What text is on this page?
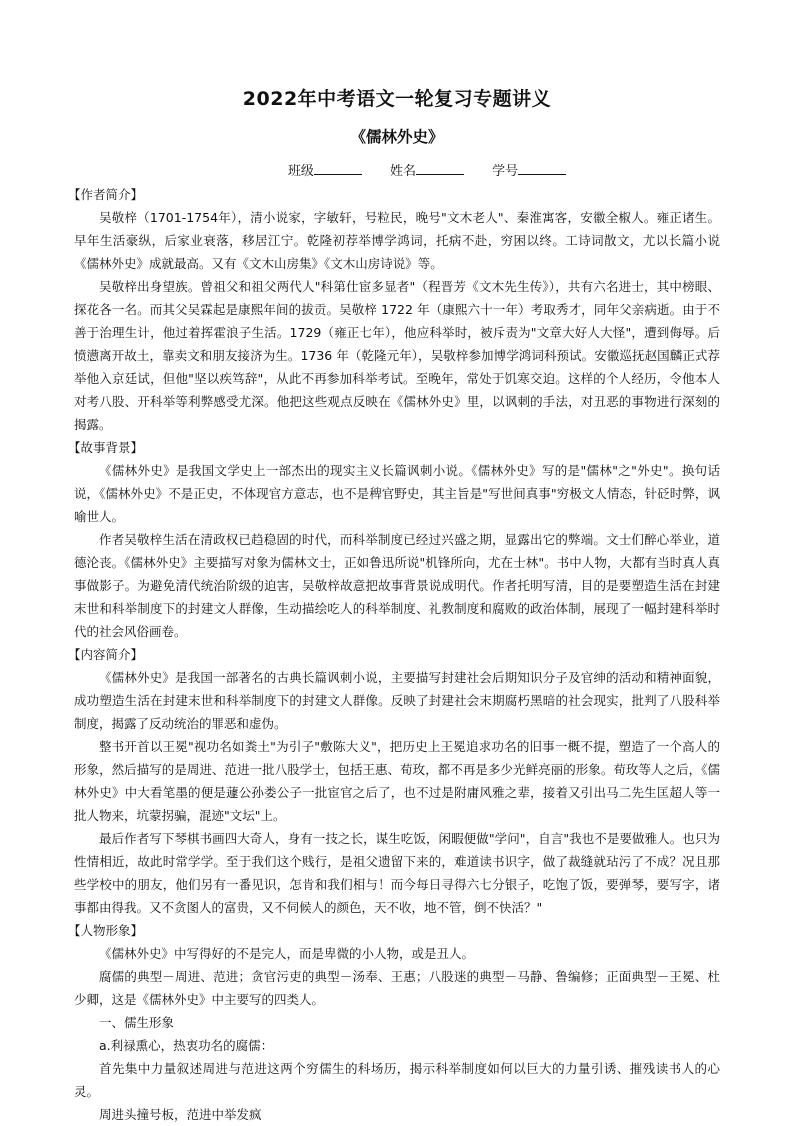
2022年中考语文一轮复习专题讲义
《儒林外史》
班级	姓名	学号
【作者简介】

吴敬梓（1701-1754年），清小说家，字敏轩，号粒民，晚号"文木老人"、秦淮寓客，安徽全椒人。雍正诸生。早年生活豪纵，后家业衰落，移居江宁。乾隆初荐举博学鸿词，托病不赴，穷困以终。工诗词散文，尤以长篇小说《儒林外史》成就最高。又有《文木山房集》《文木山房诗说》等。

吴敬梓出身望族。曾祖父和祖父两代人"科第仕宦多显者"（程晋芳《文木先生传》），共有六名进士，其中榜眼、探花各一名。而其父吴霖起是康熙年间的拔贡。吴敬梓 1722 年（康熙六十一年）考取秀才，同年父亲病逝。由于不善于治理生计，他过着挥霍浪子生活。1729（雍正七年），他应科举时，被斥责为"文章大好人大怪"，遭到侮辱。后愤懑离开故土，靠卖文和朋友接济为生。1736 年（乾隆元年），吴敬梓参加博学鸿词科预试。安徽巡抚赵国麟正式荐举他入京廷试，但他"坚以疾笃辞"，从此不再参加科举考试。至晚年，常处于饥寒交迫。这样的个人经历，令他本人对考八股、开科举等利弊感受尤深。他把这些观点反映在《儒林外史》里，以讽刺的手法，对丑恶的事物进行深刻的揭露。

【故事背景】

《儒林外史》是我国文学史上一部杰出的现实主义长篇讽刺小说。《儒林外史》写的是"儒林"之"外史"。换句话说，《儒林外史》不是正史，不体现官方意志，也不是稗官野史，其主旨是"写世间真事"穷极文人情态，针砭时弊，讽喻世人。

作者吴敬梓生活在清政权已趋稳固的时代，而科举制度已经过兴盛之期，显露出它的弊端。文士们醉心举业，道德沦丧。《儒林外史》主要描写对象为儒林文士，正如鲁迅所说"机锋所向，尤在士林"。书中人物，大都有当时真人真事做影子。为避免清代统治阶级的迫害，吴敬梓故意把故事背景说成明代。作者托明写清，目的是要塑造生活在封建末世和科举制度下的封建文人群像，生动描绘吃人的科举制度、礼教制度和腐败的政治体制，展现了一幅封建科举时代的社会风俗画卷。

【内容简介】

《儒林外史》是我国一部著名的古典长篇讽刺小说，主要描写封建社会后期知识分子及官绅的活动和精神面貌，成功塑造生活在封建末世和科举制度下的封建文人群像。反映了封建社会末期腐朽黑暗的社会现实，批判了八股科举制度，揭露了反动统治的罪恶和虚伪。

整书开首以王冕"视功名如粪土"为引子"敷陈大义"，把历史上王冕追求功名的旧事一概不提，塑造了一个高人的形象，然后描写的是周进、范进一批八股学士，包括王惠、荀玫，都不再是多少光鲜亮丽的形象。荀玫等人之后，《儒林外史》中大看笔墨的便是蘧公孙娄公子一批宦官之后了，也不过是附庸风雅之辈，接着又引出马二先生匡超人等一批人物来，坑蒙拐骗，混迹"文坛"上。

最后作者写下琴棋书画四大奇人，身有一技之长，谋生吃饭，闲暇便做"学问"，自言"我也不是要做雅人。也只为性情相近，故此时常学学。至于我们这个贱行，是祖父遗留下来的，难道读书识字，做了裁缝就玷污了不成？况且那些学校中的朋友，他们另有一番见识，怎肯和我们相与！而今每日寻得六七分银子，吃饱了饭，要弹琴，要写字，诸事都由得我。又不贪图人的富贵，又不伺候人的颜色，天不收，地不管，倒不快活？"

【人物形象】

《儒林外史》中写得好的不是完人，而是卑微的小人物，或是丑人。

腐儒的典型－周进、范进；贪官污吏的典型－汤奉、王惠；八股迷的典型－马静、鲁编修；正面典型－王冕、杜少卿，这是《儒林外史》中主要写的四类人。

一、儒生形象

a.利禄熏心，热衷功名的腐儒：

首先集中力量叙述周进与范进这两个穷儒生的科场历，揭示科举制度如何以巨大的力量引诱、摧残读书人的心灵。

周进头撞号板，范进中举发疯
